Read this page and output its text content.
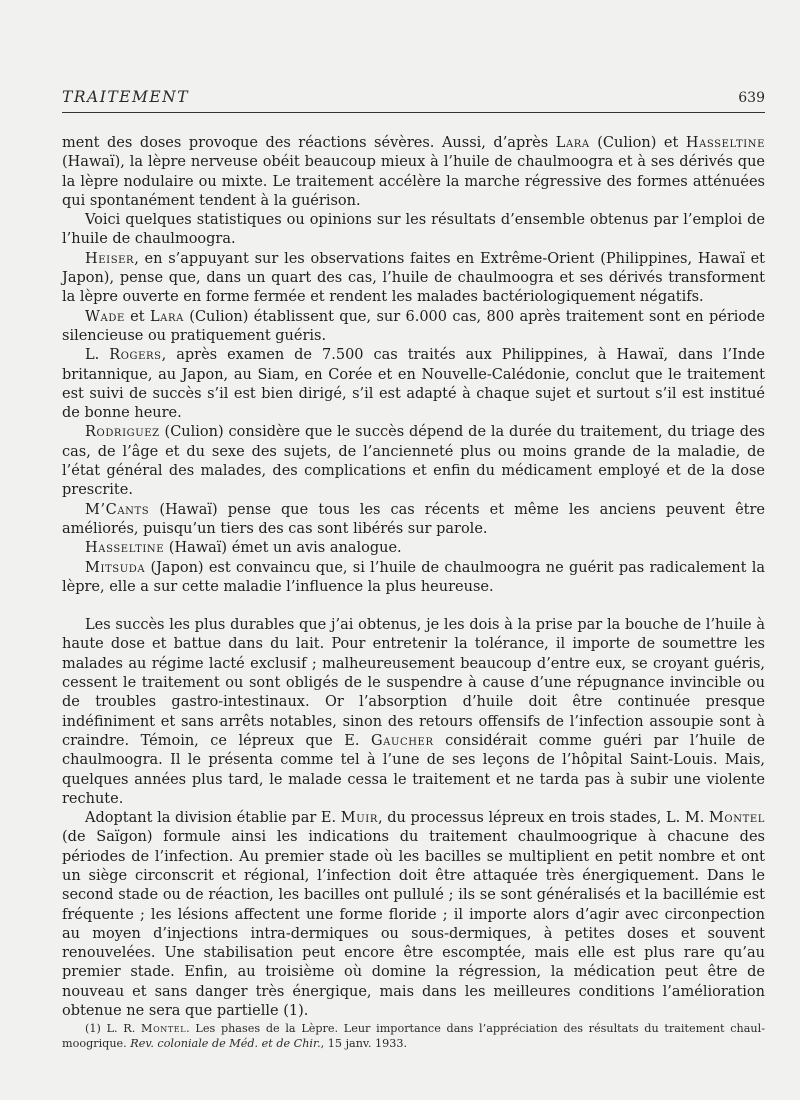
TRAITEMENT	639

ment des doses provoque des réactions sévères. Aussi, d’après Lara (Culion) et Hasseltine (Hawaï), la lèpre nerveuse obéit beaucoup mieux à l’huile de chaulmoogra et à ses dérivés que la lèpre nodulaire ou mixte. Le traitement accélère la marche régressive des formes atténuées qui spontanément tendent à la guérison.

Voici quelques statistiques ou opinions sur les résultats d’ensemble obtenus par l’emploi de l’huile de chaulmoogra.

Heiser, en s’appuyant sur les observations faites en Extrême-Orient (Philippines, Hawaï et Japon), pense que, dans un quart des cas, l’huile de chaulmoogra et ses dérivés transforment la lèpre ouverte en forme fermée et rendent les malades bactériologiquement négatifs.

Wade et Lara (Culion) établissent que, sur 6.000 cas, 800 après traitement sont en période silencieuse ou pratiquement guéris.

L. Rogers, après examen de 7.500 cas traités aux Philippines, à Hawaï, dans l’Inde britannique, au Japon, au Siam, en Corée et en Nouvelle-Calédonie, conclut que le traitement est suivi de succès s’il est bien dirigé, s’il est adapté à chaque sujet et surtout s’il est institué de bonne heure.

Rodriguez (Culion) considère que le succès dépend de la durée du traitement, du triage des cas, de l’âge et du sexe des sujets, de l’ancienneté plus ou moins grande de la maladie, de l’état général des malades, des complications et enfin du médicament employé et de la dose prescrite.

M’Cants (Hawaï) pense que tous les cas récents et même les anciens peuvent être améliorés, puisqu’un tiers des cas sont libérés sur parole.

Hasseltine (Hawaï) émet un avis analogue.

Mitsuda (Japon) est convaincu que, si l’huile de chaulmoogra ne guérit pas radicalement la lèpre, elle a sur cette maladie l’influence la plus heureuse.

Les succès les plus durables que j’ai obtenus, je les dois à la prise par la bouche de l’huile à haute dose et battue dans du lait. Pour entretenir la tolérance, il importe de soumettre les malades au régime lacté exclusif ; malheureusement beaucoup d’entre eux, se croyant guéris, cessent le traitement ou sont obligés de le suspendre à cause d’une répugnance invincible ou de troubles gastro-intestinaux. Or l’absorption d’huile doit être continuée presque indéfiniment et sans arrêts notables, sinon des retours offensifs de l’infection assoupie sont à craindre. Témoin, ce lépreux que E. Gaucher considérait comme guéri par l’huile de chaulmoogra. Il le présenta comme tel à l’une de ses leçons de l’hôpital Saint-Louis. Mais, quelques années plus tard, le malade cessa le traitement et ne tarda pas à subir une violente rechute.

Adoptant la division établie par E. Muir, du processus lépreux en trois stades, L. M. Montel (de Saïgon) formule ainsi les indications du traitement chaulmoogrique à chacune des périodes de l’infection. Au premier stade où les bacilles se multiplient en petit nombre et ont un siège circonscrit et régional, l’infection doit être attaquée très énergiquement. Dans le second stade ou de réaction, les bacilles ont pullulé ; ils se sont généralisés et la bacillémie est fréquente ; les lésions affectent une forme floride ; il importe alors d’agir avec circonpection au moyen d’injections intra-dermiques ou sous-dermiques, à petites doses et souvent renouvelées. Une stabilisation peut encore être escomptée, mais elle est plus rare qu’au premier stade. Enfin, au troisième où domine la régression, la médication peut être de nouveau et sans danger très énergique, mais dans les meilleures conditions l’amélioration obtenue ne sera que partielle (1).

(1) L. R. Montel. Les phases de la Lèpre. Leur importance dans l’appréciation des résultats du traitement chaulmoogrique. Rev. coloniale de Méd. et de Chir., 15 janv. 1933.
